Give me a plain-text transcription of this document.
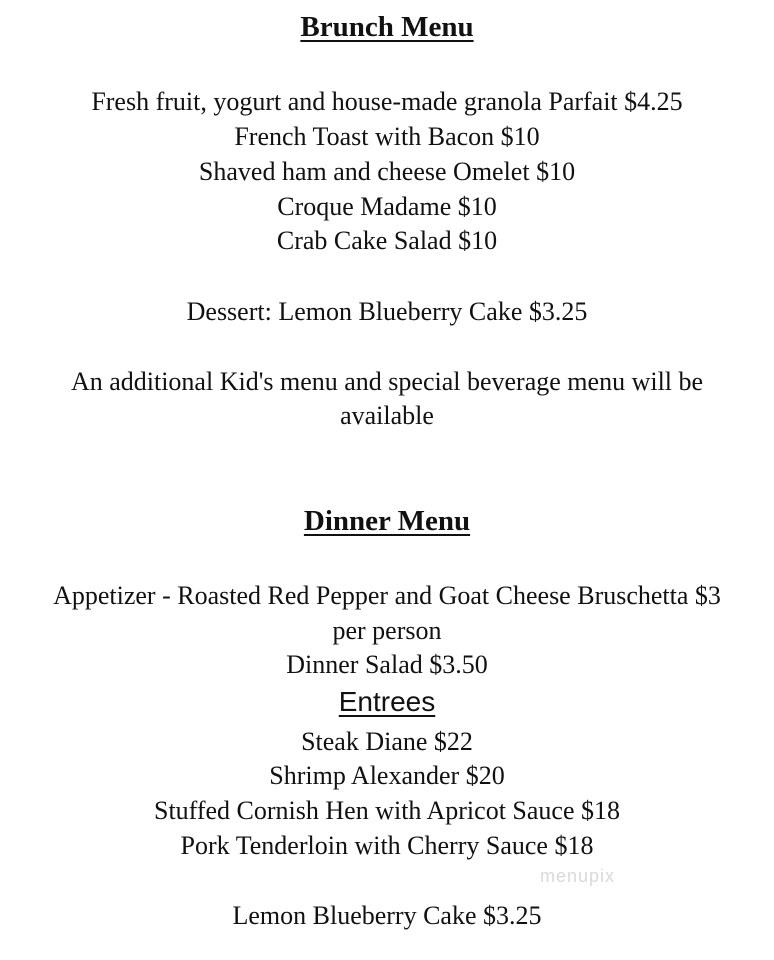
Brunch Menu
Fresh fruit, yogurt and house-made granola Parfait $4.25
French Toast with Bacon $10
Shaved ham and cheese Omelet $10
Croque Madame $10
Crab Cake Salad $10
Dessert: Lemon Blueberry Cake $3.25
An additional Kid's menu and special beverage menu will be
available
Dinner Menu
Appetizer - Roasted Red Pepper and Goat Cheese Bruschetta $3
per person
Dinner Salad $3.50
Entrees
Steak Diane $22
Shrimp Alexander $20
Stuffed Cornish Hen with Apricot Sauce $18
Pork Tenderloin with Cherry Sauce $18
Lemon Blueberry Cake $3.25
menupix
